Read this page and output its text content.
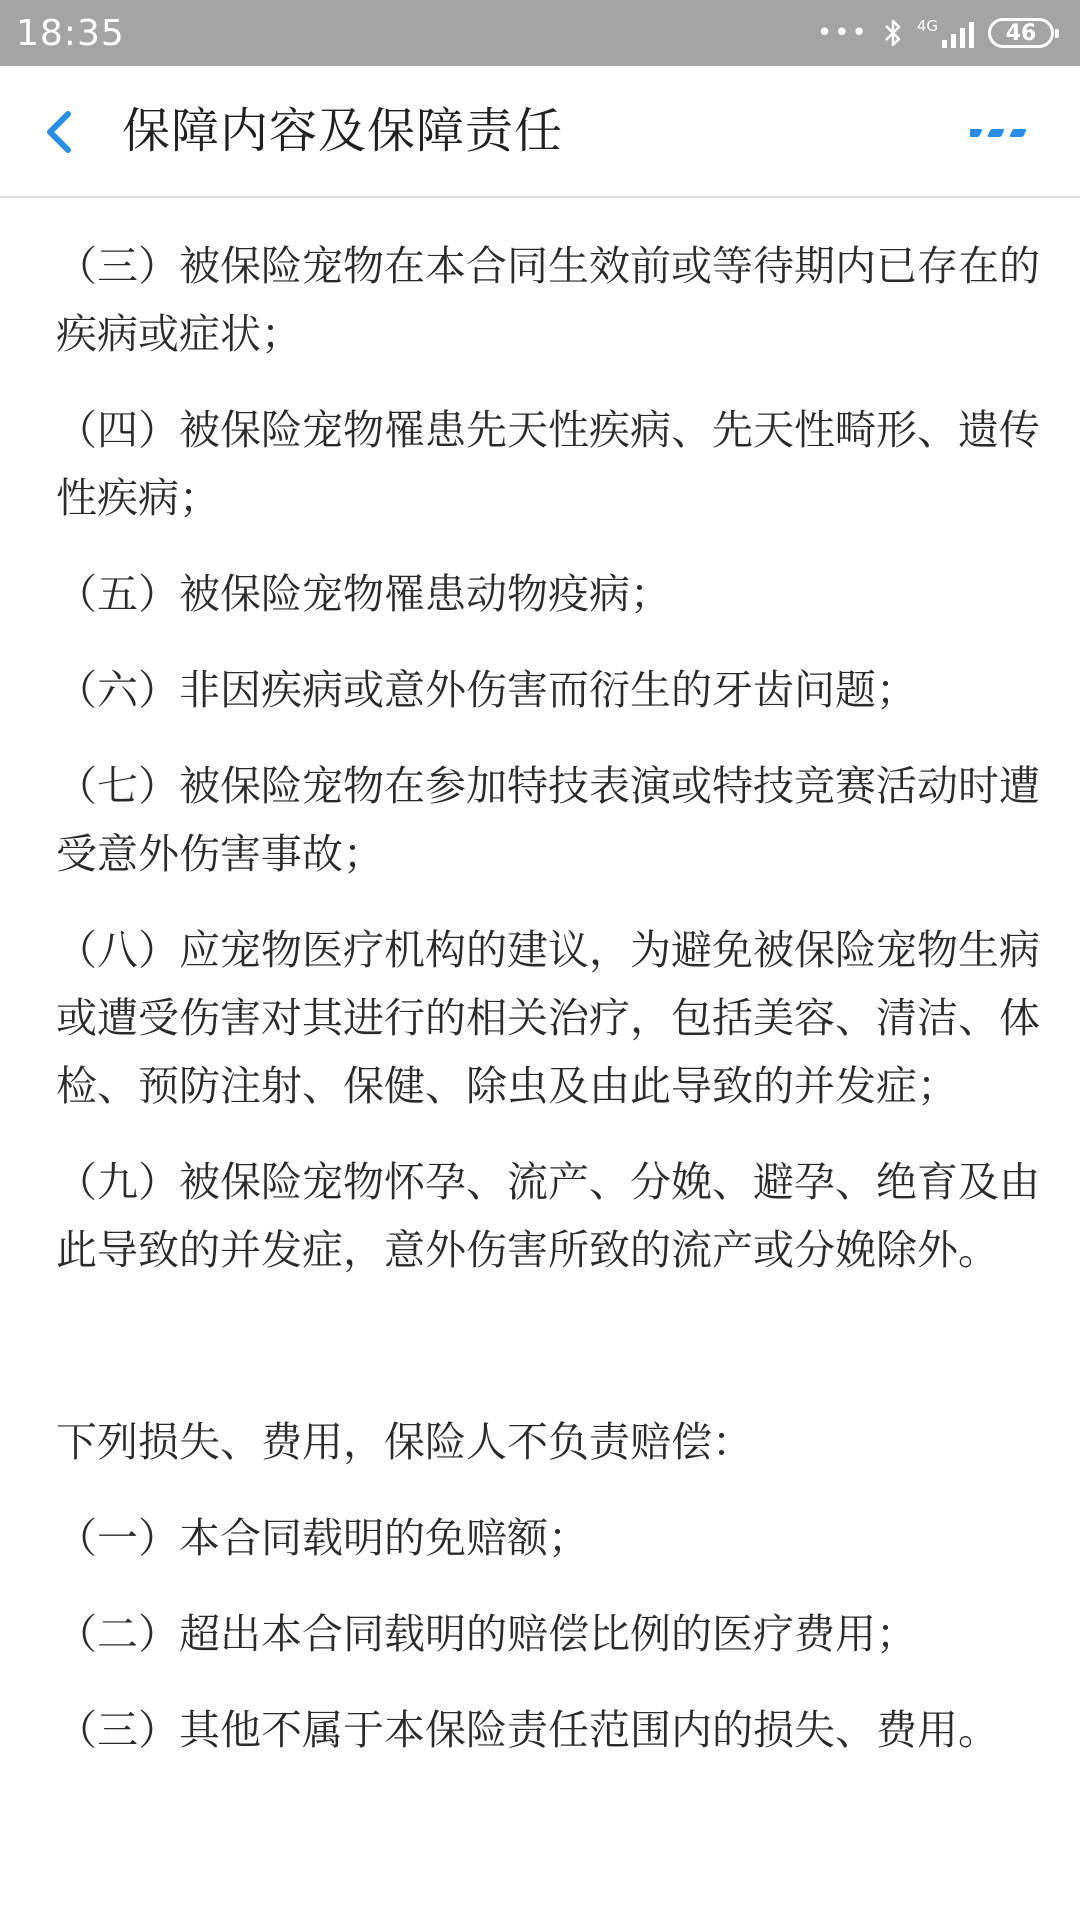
18:35	•••	4G	46
保障内容及保障责任

（三）被保险宠物在本合同生效前或等待期内已存在的疾病或症状；

（四）被保险宠物罹患先天性疾病、先天性畸形、遗传性疾病；

（五）被保险宠物罹患动物疫病；

（六）非因疾病或意外伤害而衍生的牙齿问题；

（七）被保险宠物在参加特技表演或特技竞赛活动时遭受意外伤害事故；

（八）应宠物医疗机构的建议，为避免被保险宠物生病或遭受伤害对其进行的相关治疗，包括美容、清洁、体检、预防注射、保健、除虫及由此导致的并发症；

（九）被保险宠物怀孕、流产、分娩、避孕、绝育及由此导致的并发症，意外伤害所致的流产或分娩除外。

下列损失、费用，保险人不负责赔偿：

（一）本合同载明的免赔额；

（二）超出本合同载明的赔偿比例的医疗费用；

（三）其他不属于本保险责任范围内的损失、费用。
